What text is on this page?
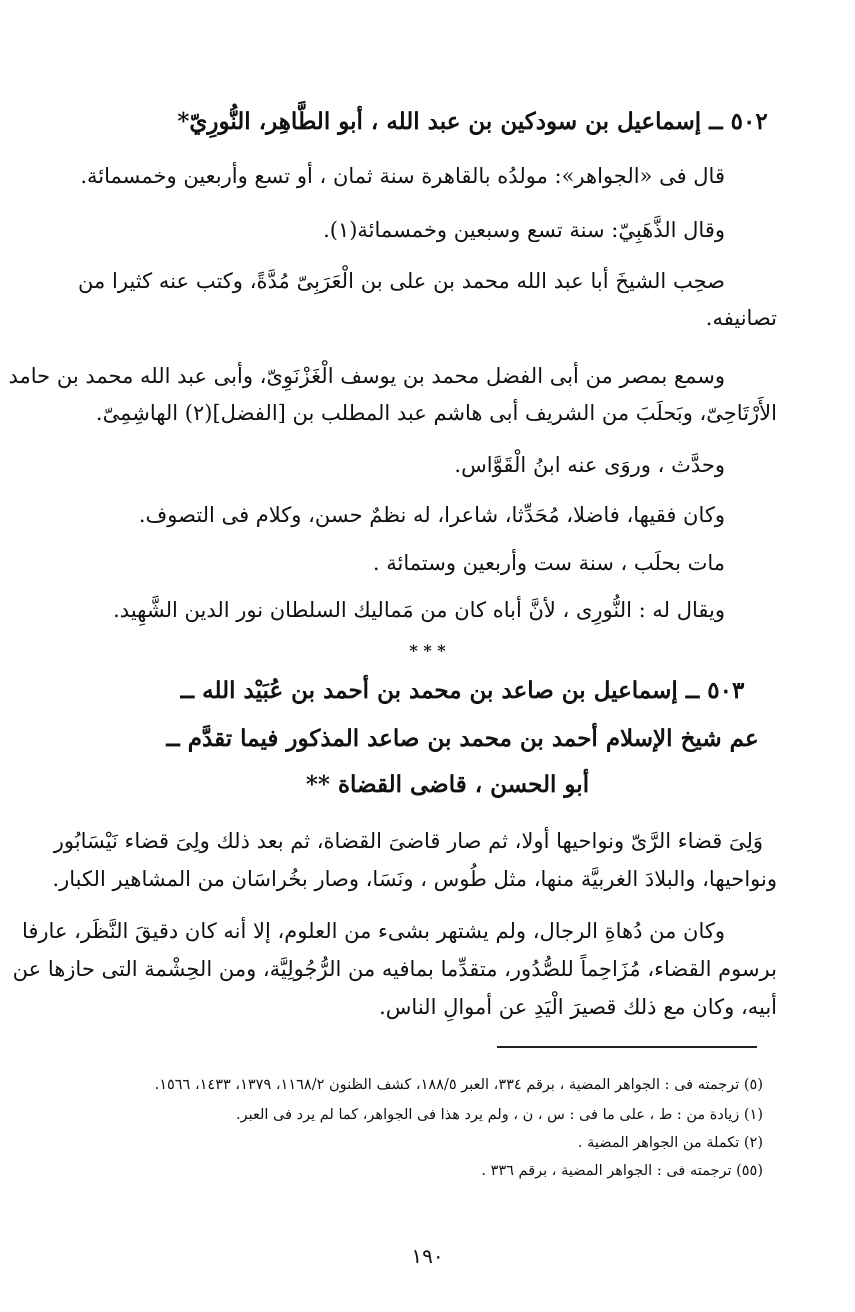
٥٠٢ ــ إسماعيل بن سودكين بن عبد الله ، أبو الطَّاهِر، النُّورِيّ*
قال فى «الجواهر»: مولدُه بالقاهرة سنة ثمان ، أو تسع وأربعين وخمسمائة.
وقال الذَّهَبِيّ: سنة تسع وسبعين وخمسمائة(١).
صحِب الشيخَ أبا عبد الله محمد بن على بن الْعَرَبِىّ مُدَّةً، وكتب عنه كثيرا من
تصانيفه.
وسمع بمصر من أبى الفضل محمد بن يوسف الْغَزْنَوِىّ، وأبى عبد الله محمد بن حامد
الأَرْتَاحِىّ، وبَحلَبَ من الشريف أبى هاشم عبد المطلب بن [الفضل](٢) الهاشِمِىّ.
وحدَّث ، وروَى عنه ابنُ الْقَوَّاس.
وكان فقيها، فاضلا، مُحَدِّثا، شاعرا، له نظمٌ حسن، وكلام فى التصوف.
مات بحلَب ، سنة ست وأربعين وستمائة .
ويقال له : النُّورِى ، لأنَّ أباه كان من مَماليك السلطان نور الدين الشَّهِيد.
* * *
٥٠٣ ــ إسماعيل بن صاعد بن محمد بن أحمد بن عُبَيْد الله ــ
عم شيخ الإسلام أحمد بن محمد بن صاعد المذكور فيما تقدَّم ــ
أبو الحسن ، قاضى القضاة **
وَلِىَ قضاء الرَّىّ ونواحيها أولا، ثم صار قاضىَ القضاة، ثم بعد ذلك ولِىَ قضاء نَيْسَابُور
ونواحيها، والبلادَ الغربيَّة منها، مثل طُوس ، ونَسَا، وصار بخُراسَان من المشاهير الكبار.
وكان من دُهاةِ الرجال، ولم يشتهر بشىء من العلوم، إلا أنه كان دقيقَ النَّظَر، عارفا
برسوم القضاء، مُزَاحِماً للصُّدُور، متقدِّما بمافيه من الرُّجُولِيَّة، ومن الحِشْمة التى حازها عن
أبيه، وكان مع ذلك قصيرَ الْيَدِ عن أموالِ الناس.
(٥) ترجمته فى : الجواهر المضية ، برقم ٣٣٤، العبر ١٨٨/٥، كشف الظنون ١١٦٨/٢، ١٣٧٩، ١٤٣٣، ١٥٦٦.
(١) زيادة من : ط ، على ما فى : س ، ن ، ولم يرد هذا فى الجواهر، كما لم يرد فى العبر.
(٢) تكملة من الجواهر المضية .
(٥٥) ترجمته فى : الجواهر المضية ، برقم ٣٣٦ .
١٩٠
